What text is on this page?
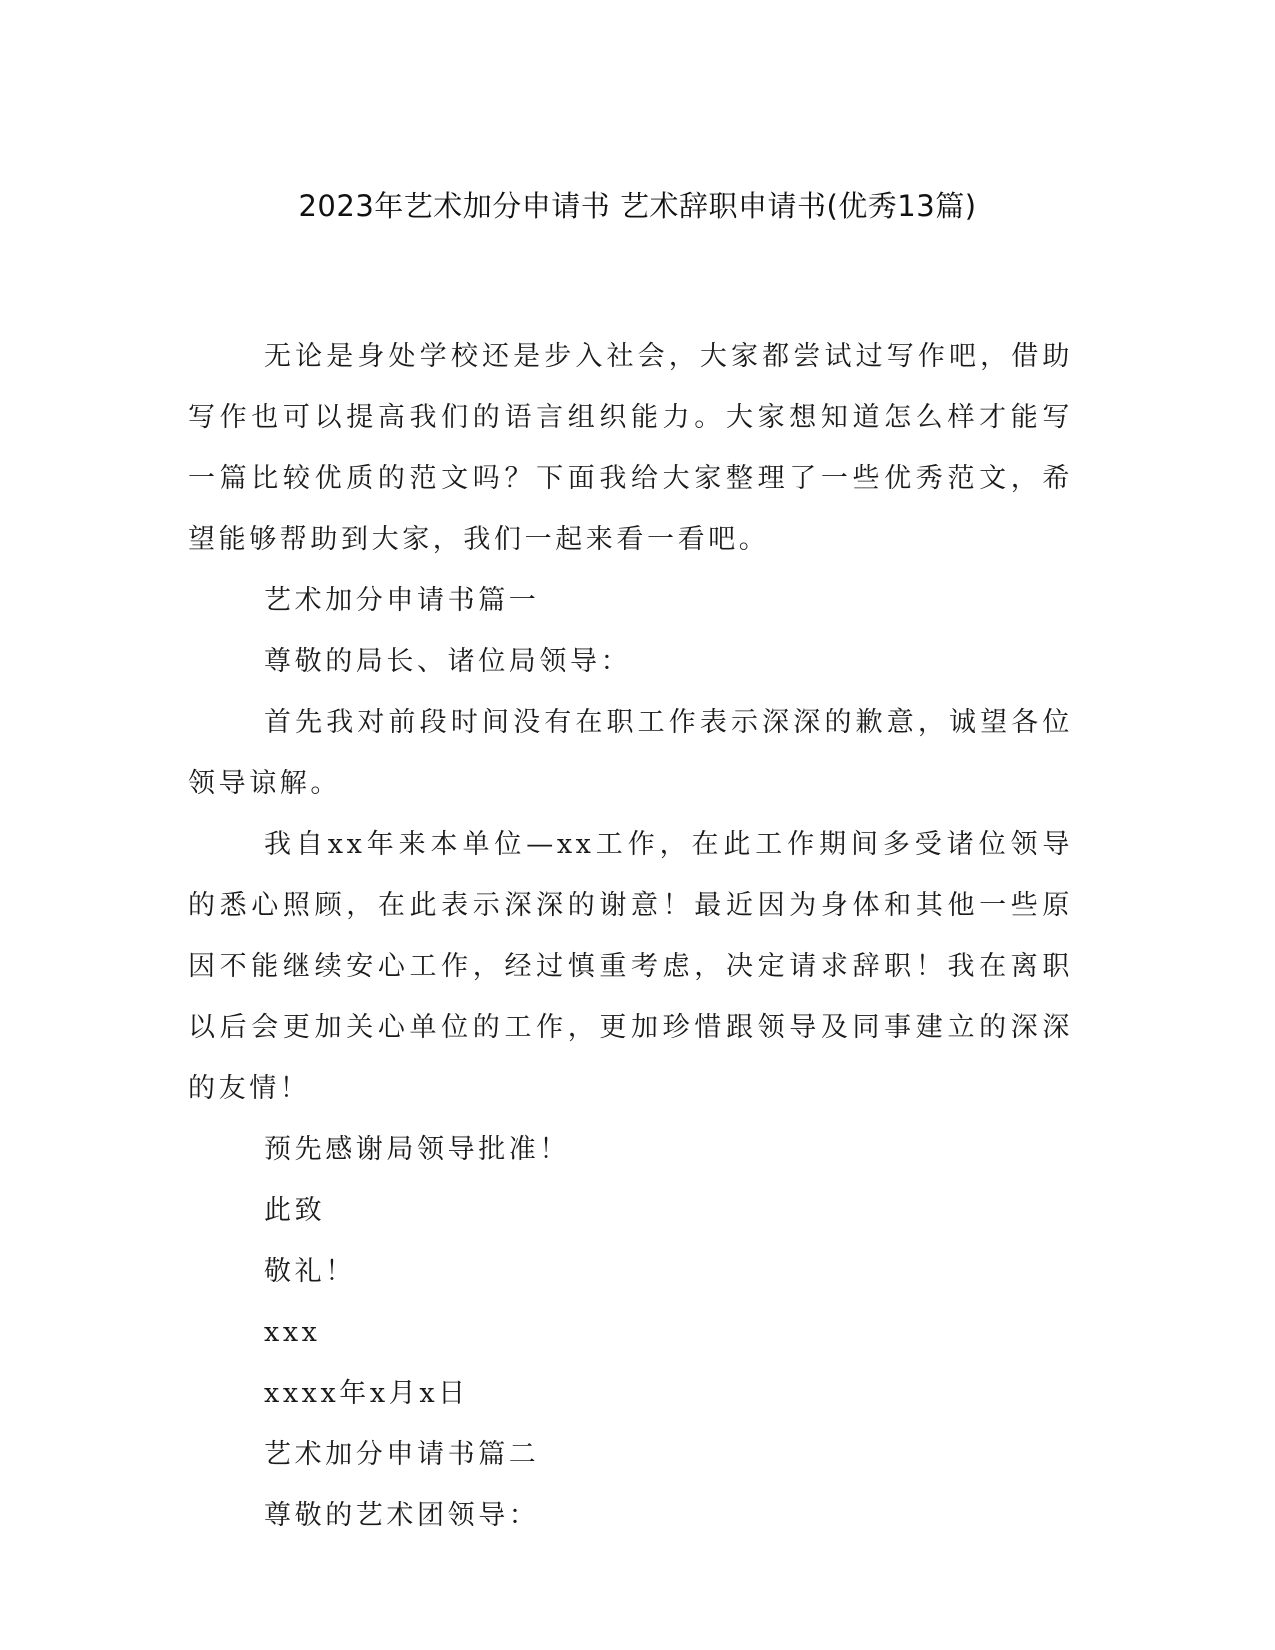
2023年艺术加分申请书 艺术辞职申请书(优秀13篇)

无论是身处学校还是步入社会，大家都尝试过写作吧，借助写作也可以提高我们的语言组织能力。大家想知道怎么样才能写一篇比较优质的范文吗？下面我给大家整理了一些优秀范文，希望能够帮助到大家，我们一起来看一看吧。

艺术加分申请书篇一

尊敬的局长、诸位局领导：

首先我对前段时间没有在职工作表示深深的歉意，诚望各位领导谅解。

我自xx年来本单位—xx工作，在此工作期间多受诸位领导的悉心照顾，在此表示深深的谢意！最近因为身体和其他一些原因不能继续安心工作，经过慎重考虑，决定请求辞职！我在离职以后会更加关心单位的工作，更加珍惜跟领导及同事建立的深深的友情！

预先感谢局领导批准！

此致

敬礼！

xxx

xxxx年x月x日

艺术加分申请书篇二

尊敬的艺术团领导：
